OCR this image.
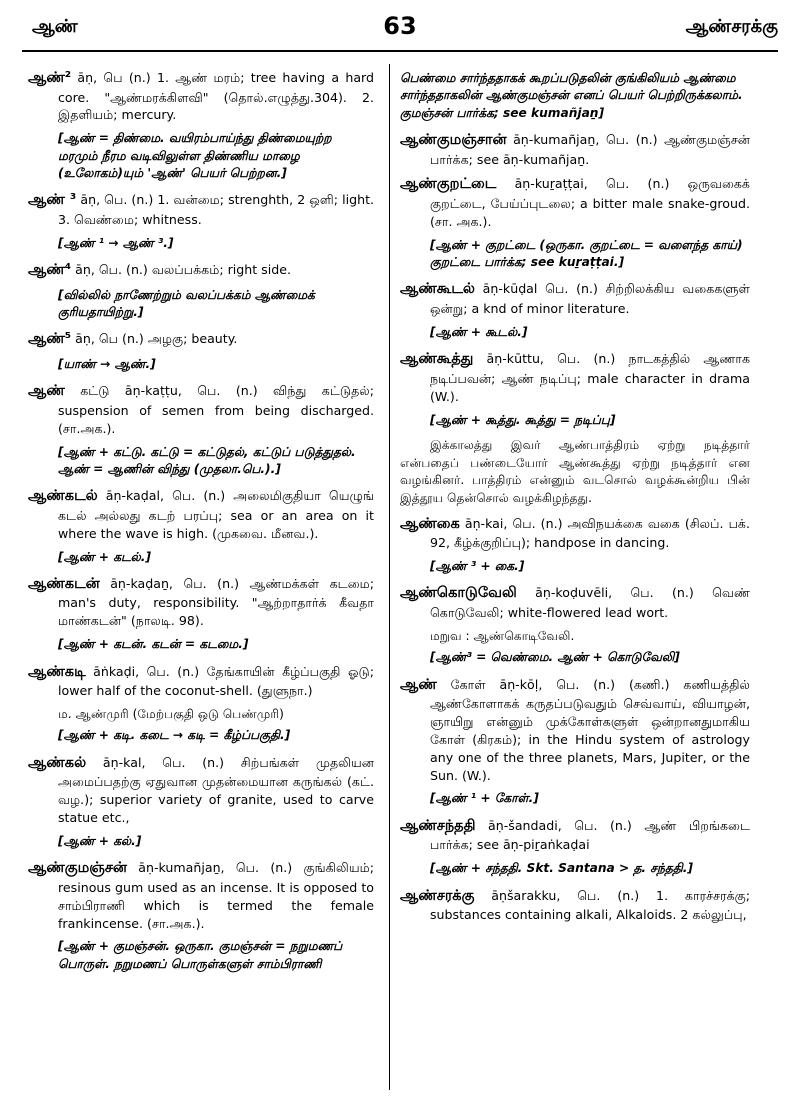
ஆண்	63	ஆண்சரக்கு
ஆண்² āṇ, பெ (n.) 1. ஆண் மரம்; tree having a hard core. "ஆண்மரக்கிளவி" (தொல்.எழுத்து.304). 2. இதளியம்; mercury.
[ஆண் = திண்மை. வயிரம்பாய்ந்து திண்மையுற்ற மரமும் நீரம வடிவிலுள்ள திண்ணிய மாழை (உலோகம்)யும் 'ஆண்' பெயர் பெற்றன.]
ஆண் ³ āṇ, பெ. (n.) 1. வன்மை; strenghth, 2 ஒளி; light. 3. வெண்மை; whitness.
[ஆண் ¹ → ஆண் ³.]
ஆண்⁴ āṇ, பெ. (n.) வலப்பக்கம்; right side.
[வில்லில் நாணேற்றும் வலப்பக்கம் ஆண்மைக் குரியதாயிற்று.]
ஆண்⁵ āṇ, பெ (n.) அழகு; beauty.
[யாண் → ஆண்.]
ஆண் கட்டு āṇ-kaṭṭu, பெ. (n.) விந்து கட்டுதல்; suspension of semen from being discharged. (சா.அக.).
[ஆண் + கட்டு. கட்டு = கட்டுதல், கட்டுப் படுத்துதல். ஆண் = ஆணின் விந்து (முதலா.பெ.).]
ஆண்கடல் āṇ-kaḍal, பெ. (n.) அலைமிகுதியா யெழுங் கடல் அல்லது கடற் பரப்பு; sea or an area on it where the wave is high. (முகவை. மீனவ.).
[ஆண் + கடல்.]
ஆண்கடன் āṇ-kaḍaṉ, பெ. (n.) ஆண்மக்கள் கடமை; man's duty, responsibility. "ஆற்றாதார்க் கீவதா மாண்கடன்" (நாலடி. 98).
[ஆண் + கடன். கடன் = கடமை.]
ஆண்கடி āṅkaḍi, பெ. (n.) தேங்காயின் கீழ்ப்பகுதி ஓடு; lower half of the coconut-shell. (துளுநா.)
ம. ஆண்முரி (மேற்பகுதி ஒடு பெண்முரி)
[ஆண் + கடி. கடை → கடி = கீழ்ப்பகுதி.]
ஆண்கல் āṇ-kal, பெ. (n.) சிற்பங்கள் முதலியன அமைப்பதற்கு ஏதுவான முதன்மையான கருங்கல் (கட். வழ.); superior variety of granite, used to carve statue etc.,
[ஆண் + கல்.]
ஆண்குமஞ்சன் āṇ-kumañjaṉ, பெ. (n.) குங்கிலியம்; resinous gum used as an incense. It is opposed to சாம்பிராணி which is termed the female frankincense. (சா.அக.).
[ஆண் + குமஞ்சன். ஒருகா. குமஞ்சன் = நறுமணப் பொருள். நறுமணப் பொருள்களுள் சாம்பிராணி
பெண்மை சார்ந்ததாகக் கூறப்படுதலின் குங்கிலியம் ஆண்மை சார்ந்ததாகலின் ஆண்குமஞ்சன் எனப் பெயர் பெற்றிருக்கலாம். குமஞ்சன் பார்க்க; see kumañjaṉ]
ஆண்குமஞ்சான் āṇ-kumañjaṉ, பெ. (n.) ஆண்குமஞ்சன் பார்க்க; see āṇ-kumañjaṉ.
ஆண்குறட்டை āṇ-kuṟaṭṭai, பெ. (n.) ஒருவகைக் குறட்டை, பேய்ப்புடலை; a bitter male snake-groud. (சா. அக.).
[ஆண் + குறட்டை (ஒருகா. குறட்டை = வளைந்த காய்) குறட்டை பார்க்க; see kuṟaṭṭai.]
ஆண்கூடல் āṇ-kūḍal பெ. (n.) சிற்றிலக்கிய வகைகளுள் ஒன்று; a knd of minor literature.
[ஆண் + கூடல்.]
ஆண்கூத்து āṇ-kūttu, பெ. (n.) நாடகத்தில் ஆணாக நடிப்பவன்; ஆண் நடிப்பு; male character in drama (W.).
[ஆண் + கூத்து. கூத்து = நடிப்பு]
இக்காலத்து இவர் ஆண்பாத்திரம் ஏற்று நடித்தார் என்பதைப் பண்டையோர் ஆண்கூத்து ஏற்று நடித்தார் என வழங்கினர். பாத்திரம் என்னும் வடசொல் வழக்கூன்றிய பின் இத்தூய தென்சொல் வழக்கிழந்தது.
ஆண்கை āṇ-kai, பெ. (n.) அவிநயக்கை வகை (சிலப். பக். 92, கீழ்க்குறிப்பு); handpose in dancing.
[ஆண் ³ + கை.]
ஆண்கொடுவேலி āṇ-koḍuvēli, பெ. (n.) வெண் கொடுவேலி; white-flowered lead wort.
மறுவ : ஆண்கொடிவேலி.
[ஆண்³ = வெண்மை. ஆண் + கொடுவேலி]
ஆண் கோள் āṇ-kōḷ, பெ. (n.) (கணி.) கணியத்தில் ஆண்கோளாகக் கருதப்படுவதும் செவ்வாய், வியாழன், ஞாயிறு என்னும் முக்கோள்களுள் ஒன்றானதுமாகிய கோள் (கிரகம்); in the Hindu system of astrology any one of the three planets, Mars, Jupiter, or the Sun. (W.).
[ஆண் ¹ + கோள்.]
ஆண்சந்ததி āṇ-šandadi, பெ. (n.) ஆண் பிறங்கடை பார்க்க; see āṇ-piṟaṅkaḍai
[ஆண் + சந்ததி. Skt. Santana > த. சந்ததி.]
ஆண்சரக்கு āṇšarakku, பெ. (n.) 1. காரச்சரக்கு; substances containing alkali, Alkaloids. 2 கல்லுப்பு,
